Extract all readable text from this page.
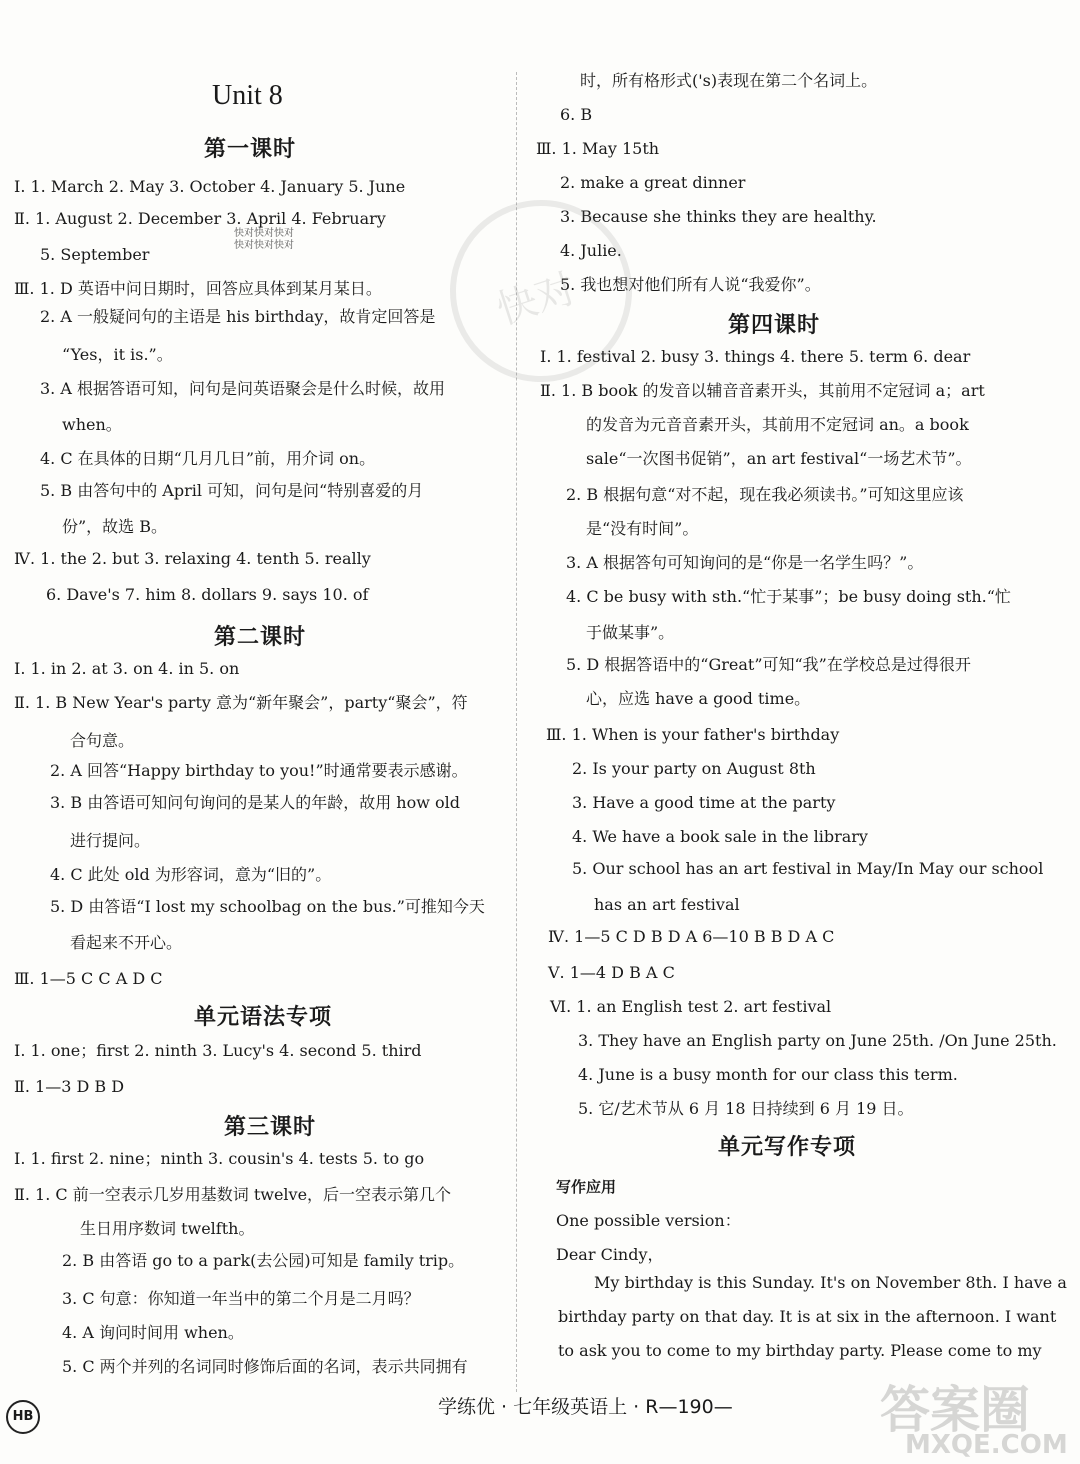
Unit 8
第一课时
Ⅰ. 1. March 2. May 3. October 4. January 5. June
Ⅱ. 1. August 2. December 3. April 4. February
5. September
Ⅲ. 1. D 英语中问日期时，回答应具体到某月某日。
2. A 一般疑问句的主语是 his birthday，故肯定回答是
“Yes，it is.”。
3. A 根据答语可知，问句是问英语聚会是什么时候，故用
when。
4. C 在具体的日期“几月几日”前，用介词 on。
5. B 由答句中的 April 可知，问句是问“特别喜爱的月
份”，故选 B。
Ⅳ. 1. the 2. but 3. relaxing 4. tenth 5. really
6. Dave's 7. him 8. dollars 9. says 10. of
第二课时
Ⅰ. 1. in 2. at 3. on 4. in 5. on
Ⅱ. 1. B New Year's party 意为“新年聚会”，party“聚会”，符
合句意。
2. A 回答“Happy birthday to you!”时通常要表示感谢。
3. B 由答语可知问句询问的是某人的年龄，故用 how old
进行提问。
4. C 此处 old 为形容词，意为“旧的”。
5. D 由答语“I lost my schoolbag on the bus.”可推知今天
看起来不开心。
Ⅲ. 1—5 C C A D C
单元语法专项
Ⅰ. 1. one；first 2. ninth 3. Lucy's 4. second 5. third
Ⅱ. 1—3 D B D
第三课时
Ⅰ. 1. first 2. nine；ninth 3. cousin's 4. tests 5. to go
Ⅱ. 1. C 前一空表示几岁用基数词 twelve，后一空表示第几个
生日用序数词 twelfth。
2. B 由答语 go to a park(去公园)可知是 family trip。
3. C 句意：你知道一年当中的第二个月是二月吗？
4. A 询问时间用 when。
5. C 两个并列的名词同时修饰后面的名词，表示共同拥有
时，所有格形式('s)表现在第二个名词上。
6. B
Ⅲ. 1. May 15th
2. make a great dinner
3. Because she thinks they are healthy.
4. Julie.
5. 我也想对他们所有人说“我爱你”。
第四课时
Ⅰ. 1. festival 2. busy 3. things 4. there 5. term 6. dear
Ⅱ. 1. B book 的发音以辅音音素开头，其前用不定冠词 a；art
的发音为元音音素开头，其前用不定冠词 an。a book
sale“一次图书促销”，an art festival“一场艺术节”。
2. B 根据句意“对不起，现在我必须读书。”可知这里应该
是“没有时间”。
3. A 根据答句可知询问的是“你是一名学生吗？”。
4. C be busy with sth.“忙于某事”；be busy doing sth.“忙
于做某事”。
5. D 根据答语中的“Great”可知“我”在学校总是过得很开
心，应选 have a good time。
Ⅲ. 1. When is your father's birthday
2. Is your party on August 8th
3. Have a good time at the party
4. We have a book sale in the library
5. Our school has an art festival in May/In May our school
has an art festival
Ⅳ. 1—5 C D B D A 6—10 B B D A C
Ⅴ. 1—4 D B A C
Ⅵ. 1. an English test 2. art festival
3. They have an English party on June 25th. /On June 25th.
4. June is a busy month for our class this term.
5. 它/艺术节从 6 月 18 日持续到 6 月 19 日。
单元写作专项
写作应用
One possible version：
Dear Cindy，
My birthday is this Sunday. It's on November 8th. I have a
birthday party on that day. It is at six in the afternoon. I want
to ask you to come to my birthday party. Please come to my
快对
快对快对快对
快对快对快对
HB	学练优 · 七年级英语上 · R—190—	答案圈
MXQE.COM
